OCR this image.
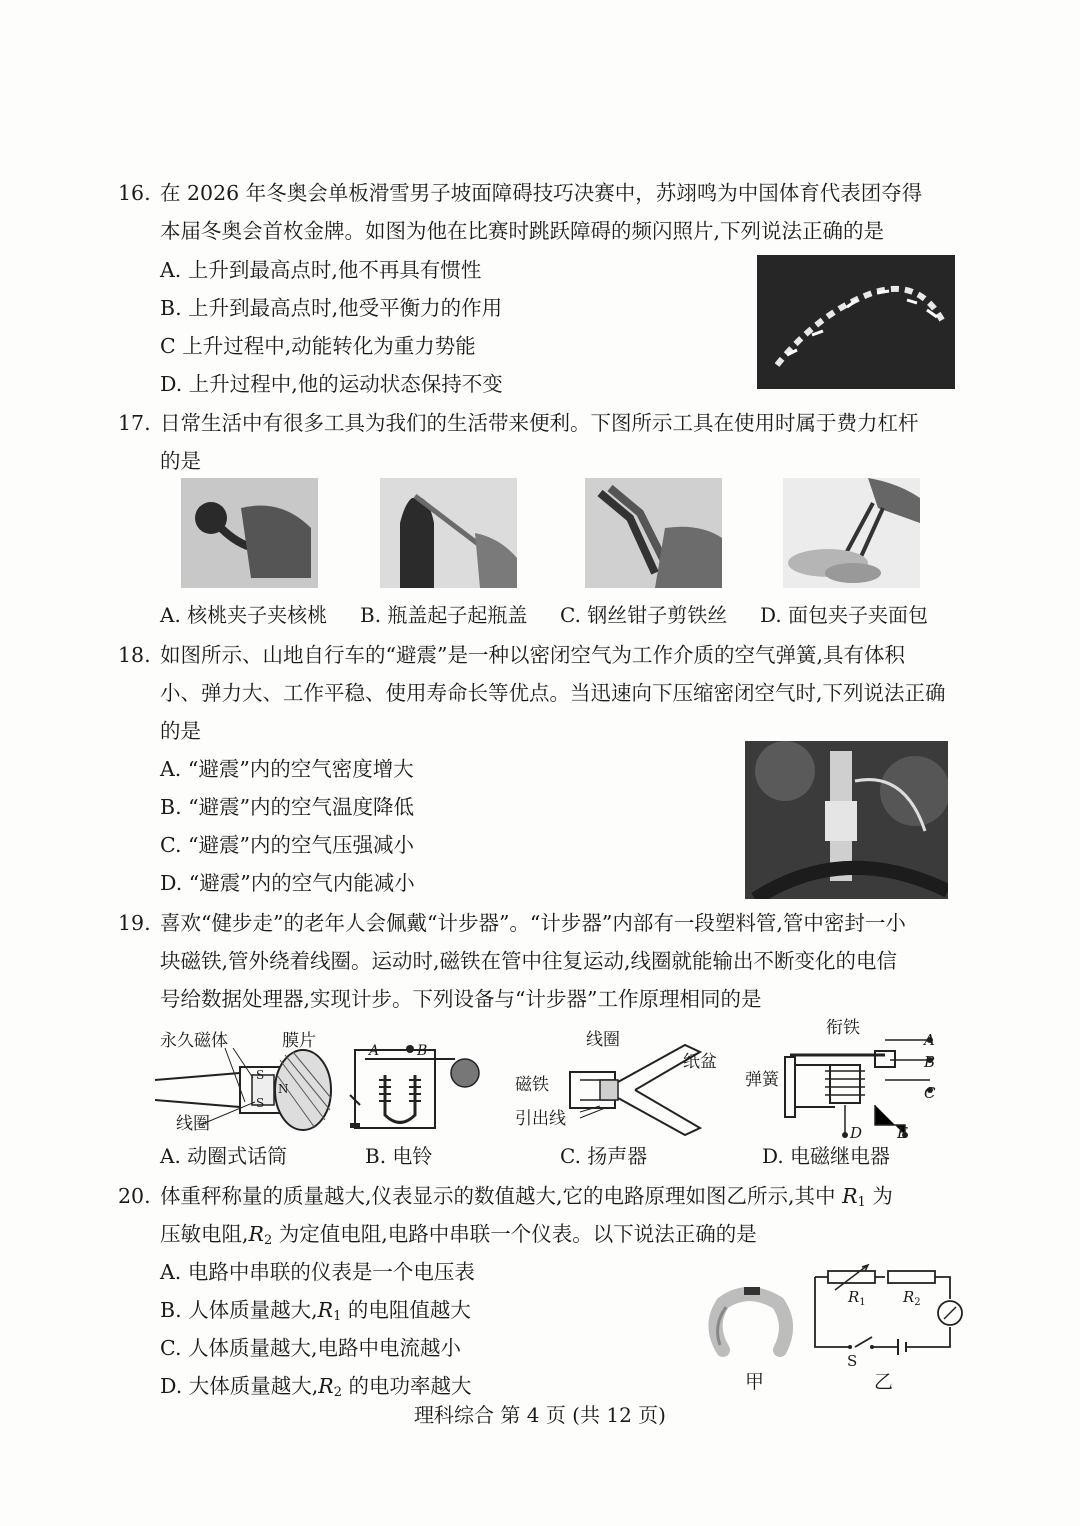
16. 在 2026 年冬奥会单板滑雪男子坡面障碍技巧决赛中，苏翊鸣为中国体育代表团夺得
本届冬奥会首枚金牌。如图为他在比赛时跳跃障碍的频闪照片,下列说法正确的是
A. 上升到最高点时,他不再具有惯性
B. 上升到最高点时,他受平衡力的作用
C 上升过程中,动能转化为重力势能
D. 上升过程中,他的运动状态保持不变
17. 日常生活中有很多工具为我们的生活带来便利。下图所示工具在使用时属于费力杠杆
的是
A. 核桃夹子夹核桃 B. 瓶盖起子起瓶盖 C. 钢丝钳子剪铁丝 D. 面包夹子夹面包
18. 如图所示、山地自行车的“避震”是一种以密闭空气为工作介质的空气弹簧,具有体积
小、弹力大、工作平稳、使用寿命长等优点。当迅速向下压缩密闭空气时,下列说法正确
的是
A. “避震”内的空气密度增大
B. “避震”内的空气温度降低
C. “避震”内的空气压强减小
D. “避震”内的空气内能减小
19. 喜欢“健步走”的老年人会佩戴“计步器”。“计步器”内部有一段塑料管,管中密封一小
块磁铁,管外绕着线圈。运动时,磁铁在管中往复运动,线圈就能输出不断变化的电信
号给数据处理器,实现计步。下列设备与“计步器”工作原理相同的是
永久磁体	膜片
线圈
S
N
S
A	B
线圈
纸盆
磁铁
引出线
衔铁
弹簧
A
B
C
D E
A. 动圈式话筒	B. 电铃	C. 扬声器	D. 电磁继电器
20. 体重秤称量的质量越大,仪表显示的数值越大,它的电路原理如图乙所示,其中 $R_1$ 为
压敏电阻$,R_2$ 为定值电阻,电路中串联一个仪表。以下说法正确的是
A. 电路中串联的仪表是一个电压表
B. 人体质量越大$,R_1$ 的电阻值越大
C. 人体质量越大,电路中电流越小
D. 大体质量越大$,R_2$ 的电功率越大	甲
$R_1$ $R_2$
S
乙
理科综合 第 4 页 (共 12 页)
